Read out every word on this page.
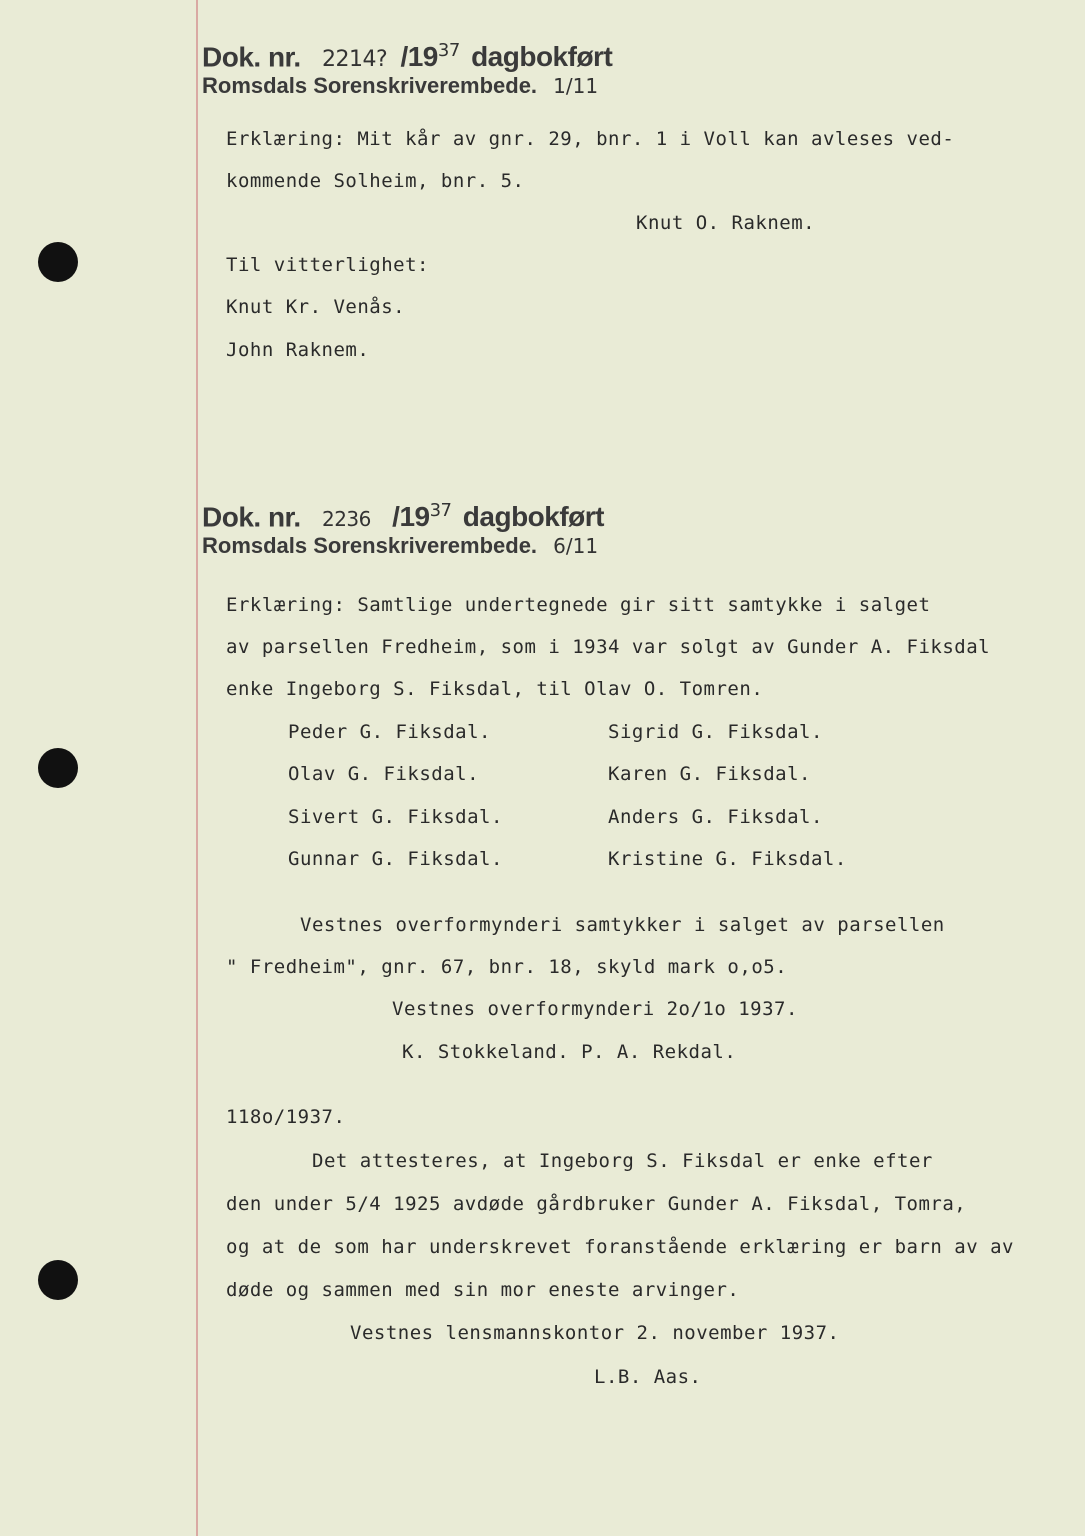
Dok. nr. 2214? $/19^{37}$ dagbokført
Romsdals Sorenskriverembede. 1/11
Erklæring: Mit kår av gnr. 29, bnr. 1 i Voll kan avleses ved-
kommende Solheim, bnr. 5.
Knut O. Raknem.
Til vitterlighet:
Knut Kr. Venås.
John Raknem.
Dok. nr. 2236 $/19^{37}$ dagbokført
Romsdals Sorenskriverembede. 6/11
Erklæring: Samtlige undertegnede gir sitt samtykke i salget
av parsellen Fredheim, som i 1934 var solgt av Gunder A. Fiksdal
enke Ingeborg S. Fiksdal, til Olav O. Tomren.
Peder G. Fiksdal.
Olav G. Fiksdal.
Sivert G. Fiksdal.
Gunnar G. Fiksdal.
Sigrid G. Fiksdal.
Karen G. Fiksdal.
Anders G. Fiksdal.
Kristine G. Fiksdal.
Vestnes overformynderi samtykker i salget av parsellen
" Fredheim", gnr. 67, bnr. 18, skyld mark o,o5.
Vestnes overformynderi 2o/1o 1937.
K. Stokkeland. P. A. Rekdal.
118o/1937.
Det attesteres, at Ingeborg S. Fiksdal er enke efter
den under 5/4 1925 avdøde gårdbruker Gunder A. Fiksdal, Tomra,
og at de som har underskrevet foranstående erklæring er barn av av
døde og sammen med sin mor eneste arvinger.
Vestnes lensmannskontor 2. november 1937.
L.B. Aas.
